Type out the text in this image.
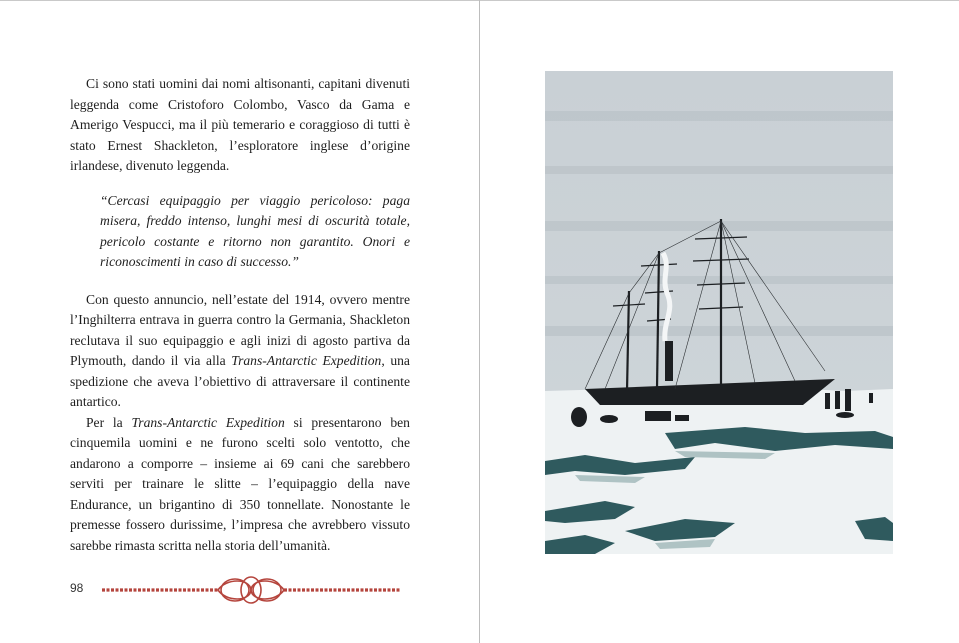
Ci sono stati uomini dai nomi altisonanti, capitani divenuti leggenda come Cristoforo Colombo, Vasco da Gama e Amerigo Vespucci, ma il più temerario e coraggioso di tutti è stato Ernest Shackleton, l’esploratore inglese d’origine irlandese, divenuto leggenda.

“Cercasi equipaggio per viaggio pericoloso: paga misera, freddo intenso, lunghi mesi di oscurità totale, pericolo costante e ritorno non garantito. Onori e riconoscimenti in caso di successo.”

Con questo annuncio, nell’estate del 1914, ovvero mentre l’Inghilterra entrava in guerra contro la Germania, Shackleton reclutava il suo equipaggio e agli inizi di agosto partiva da Plymouth, dando il via alla Trans-Antarctic Expedition, una spedizione che aveva l’obiettivo di attraversare il continente antartico.

Per la Trans-Antarctic Expedition si presentarono ben cinquemila uomini e ne furono scelti solo ventotto, che andarono a comporre – insieme ai 69 cani che sarebbero serviti per trainare le slitte – l’equipaggio della nave Endurance, un brigantino di 350 tonnellate. Nonostante le premesse fossero durissime, l’impresa che avrebbero vissuto sarebbe rimasta scritta nella storia dell’umanità.

98
